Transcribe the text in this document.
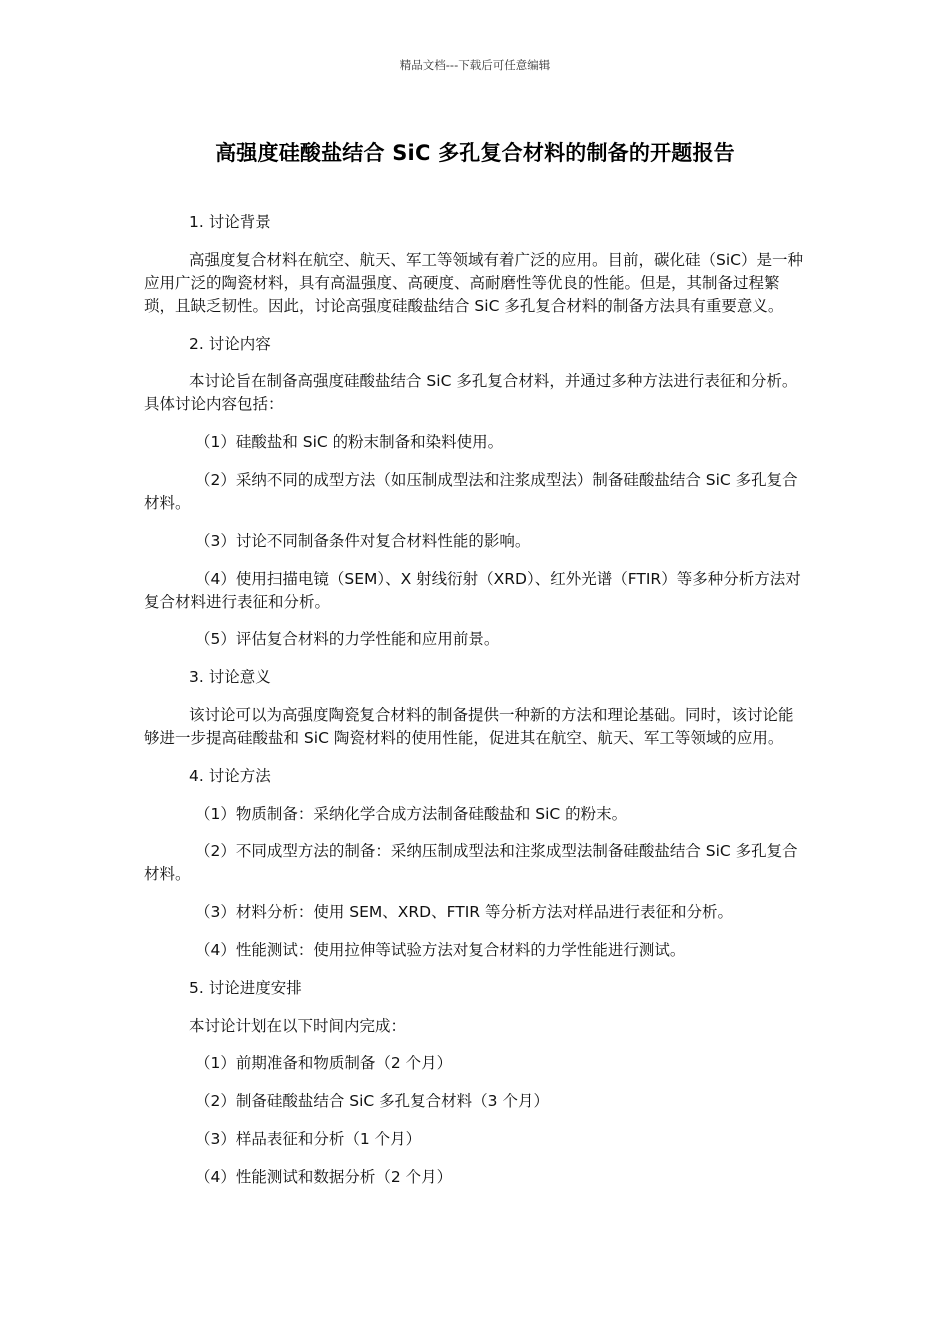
精品文档---下载后可任意编辑
高强度硅酸盐结合 SiC 多孔复合材料的制备的开题报告

1. 讨论背景

高强度复合材料在航空、航天、军工等领域有着广泛的应用。目前，碳化硅（SiC）是一种应用广泛的陶瓷材料，具有高温强度、高硬度、高耐磨性等优良的性能。但是，其制备过程繁琐，且缺乏韧性。因此，讨论高强度硅酸盐结合 SiC 多孔复合材料的制备方法具有重要意义。

2. 讨论内容

本讨论旨在制备高强度硅酸盐结合 SiC 多孔复合材料，并通过多种方法进行表征和分析。具体讨论内容包括：

（1）硅酸盐和 SiC 的粉末制备和染料使用。

（2）采纳不同的成型方法（如压制成型法和注浆成型法）制备硅酸盐结合 SiC 多孔复合材料。

（3）讨论不同制备条件对复合材料性能的影响。

（4）使用扫描电镜（SEM）、X 射线衍射（XRD）、红外光谱（FTIR）等多种分析方法对复合材料进行表征和分析。

（5）评估复合材料的力学性能和应用前景。

3. 讨论意义

该讨论可以为高强度陶瓷复合材料的制备提供一种新的方法和理论基础。同时，该讨论能够进一步提高硅酸盐和 SiC 陶瓷材料的使用性能，促进其在航空、航天、军工等领域的应用。

4. 讨论方法

（1）物质制备：采纳化学合成方法制备硅酸盐和 SiC 的粉末。

（2）不同成型方法的制备：采纳压制成型法和注浆成型法制备硅酸盐结合 SiC 多孔复合材料。

（3）材料分析：使用 SEM、XRD、FTIR 等分析方法对样品进行表征和分析。

（4）性能测试：使用拉伸等试验方法对复合材料的力学性能进行测试。

5. 讨论进度安排

本讨论计划在以下时间内完成：

（1）前期准备和物质制备（2 个月）

（2）制备硅酸盐结合 SiC 多孔复合材料（3 个月）

（3）样品表征和分析（1 个月）

（4）性能测试和数据分析（2 个月）
